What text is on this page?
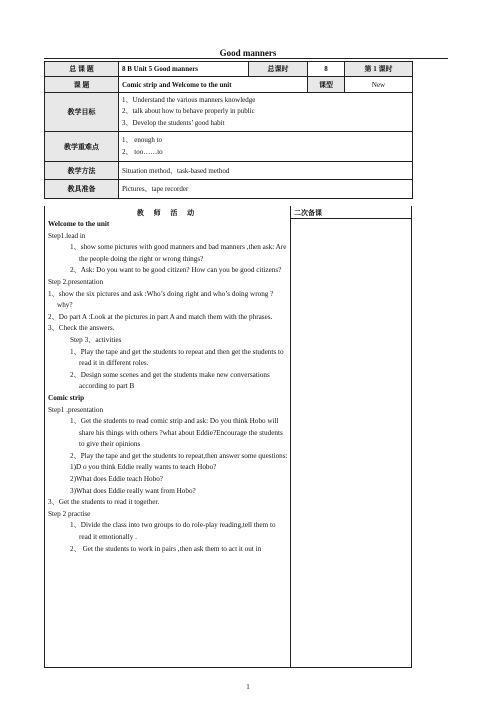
Good manners
总 课 题	8 B Unit 5 Good manners	总课时	8	第 1 课时
课 题	Comic strip and Welcome to the unit		课型	New
教学目标	1、Understand the various manners knowledge
2、talk about how to behave properly in public
3、Develop the students’ good habit			

教学重难点	1、 enough to
2、 too……to			

教学方法	Situation method、task-based method			
教具准备	Pictures、tape recorder			
教 师 活 动	二次备课

Welcome to the unit

Step1.lead in

1、show some pictures with good manners and bad manners ,then ask: Are the people doing the right or wrong things?

2、Ask: Do you want to be good citizen? How can you be good citizens?

Step 2.presentation

1、show the six pictures and ask :Who’s doing right and who’s doing wrong ? why?

2、Do part A :Look at the pictures in part A and match them with the phrases.

3、Check the answers.

Step 3、activities

1、Play the tape and get the students to repeat and then get the students to read it in different roles.

2、Design some scenes and get the students make new conversations according to part B

Comic strip

Step1 .presentation

1、Get the students to read comic strip and ask: Do you think Hobo will share his things with others ?what about Eddie?Encourage the students to give their opinions

2、Play the tape and get the students to repeat,then answer some questions:

1)D o you think Eddie really wants to teach Hobo?

2)What does Eddie teach Hobo?

3)What does Eddie really want from Hobo?

3、Get the students to read it together.

Step 2 practise

1、Divide the class into two groups to do role-play reading,tell them to read it emotionally .

2、 Get the students to work in pairs ,then ask them to act it out in

1
